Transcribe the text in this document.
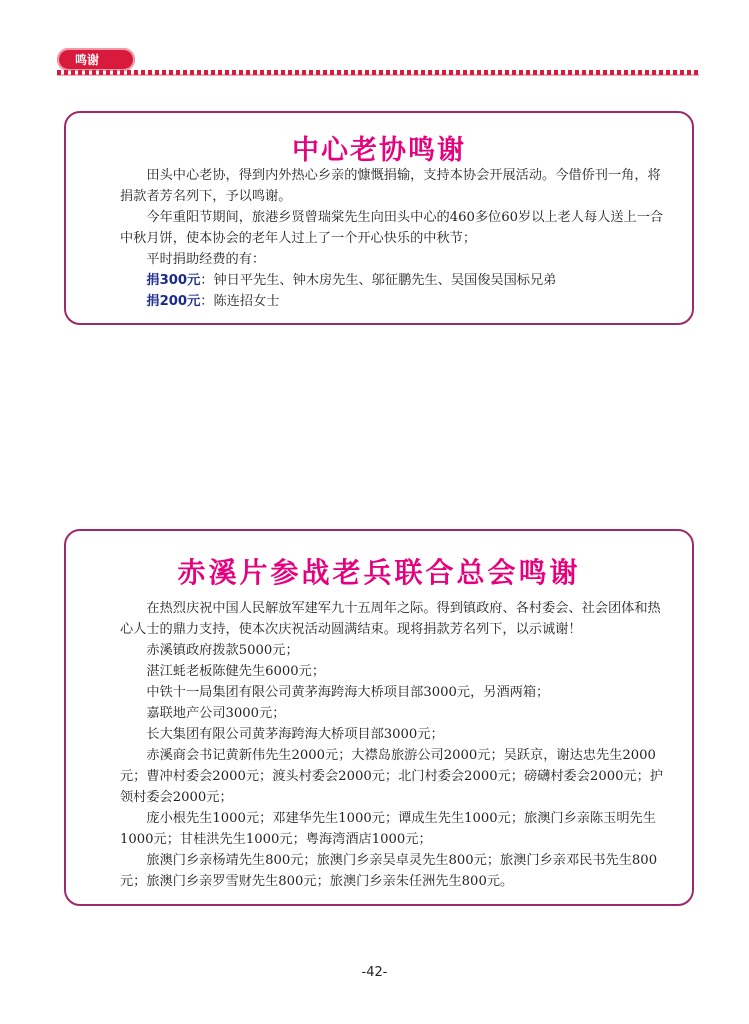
鸣谢
中心老协鸣谢

田头中心老协，得到内外热心乡亲的慷慨捐输，支持本协会开展活动。今借侨刊一角，将捐款者芳名列下，予以鸣谢。

今年重阳节期间，旅港乡贤曾瑞棠先生向田头中心的460多位60岁以上老人每人送上一合中秋月饼，使本协会的老年人过上了一个开心快乐的中秋节；

平时捐助经费的有：

捐300元：钟日平先生、钟木房先生、邬征鹏先生、吴国俊吴国标兄弟

捐200元：陈连招女士

赤溪片参战老兵联合总会鸣谢

在热烈庆祝中国人民解放军建军九十五周年之际。得到镇政府、各村委会、社会团体和热心人士的鼎力支持，使本次庆祝活动圆满结束。现将捐款芳名列下，以示诚谢！

赤溪镇政府拨款5000元；

湛江蚝老板陈健先生6000元；

中铁十一局集团有限公司黄茅海跨海大桥项目部3000元，另酒两箱；

嘉联地产公司3000元；

长大集团有限公司黄茅海跨海大桥项目部3000元；

赤溪商会书记黄新伟先生2000元；大襟岛旅游公司2000元；吴跃京，谢达忠先生2000元；曹冲村委会2000元；渡头村委会2000元；北门村委会2000元；磅礴村委会2000元；护领村委会2000元；

庞小根先生1000元；邓建华先生1000元；谭成生先生1000元；旅澳门乡亲陈玉明先生1000元；甘桂洪先生1000元；粤海湾酒店1000元；

旅澳门乡亲杨靖先生800元；旅澳门乡亲吴卓灵先生800元；旅澳门乡亲邓民书先生800元；旅澳门乡亲罗雪财先生800元；旅澳门乡亲朱任洲先生800元。

-42-
